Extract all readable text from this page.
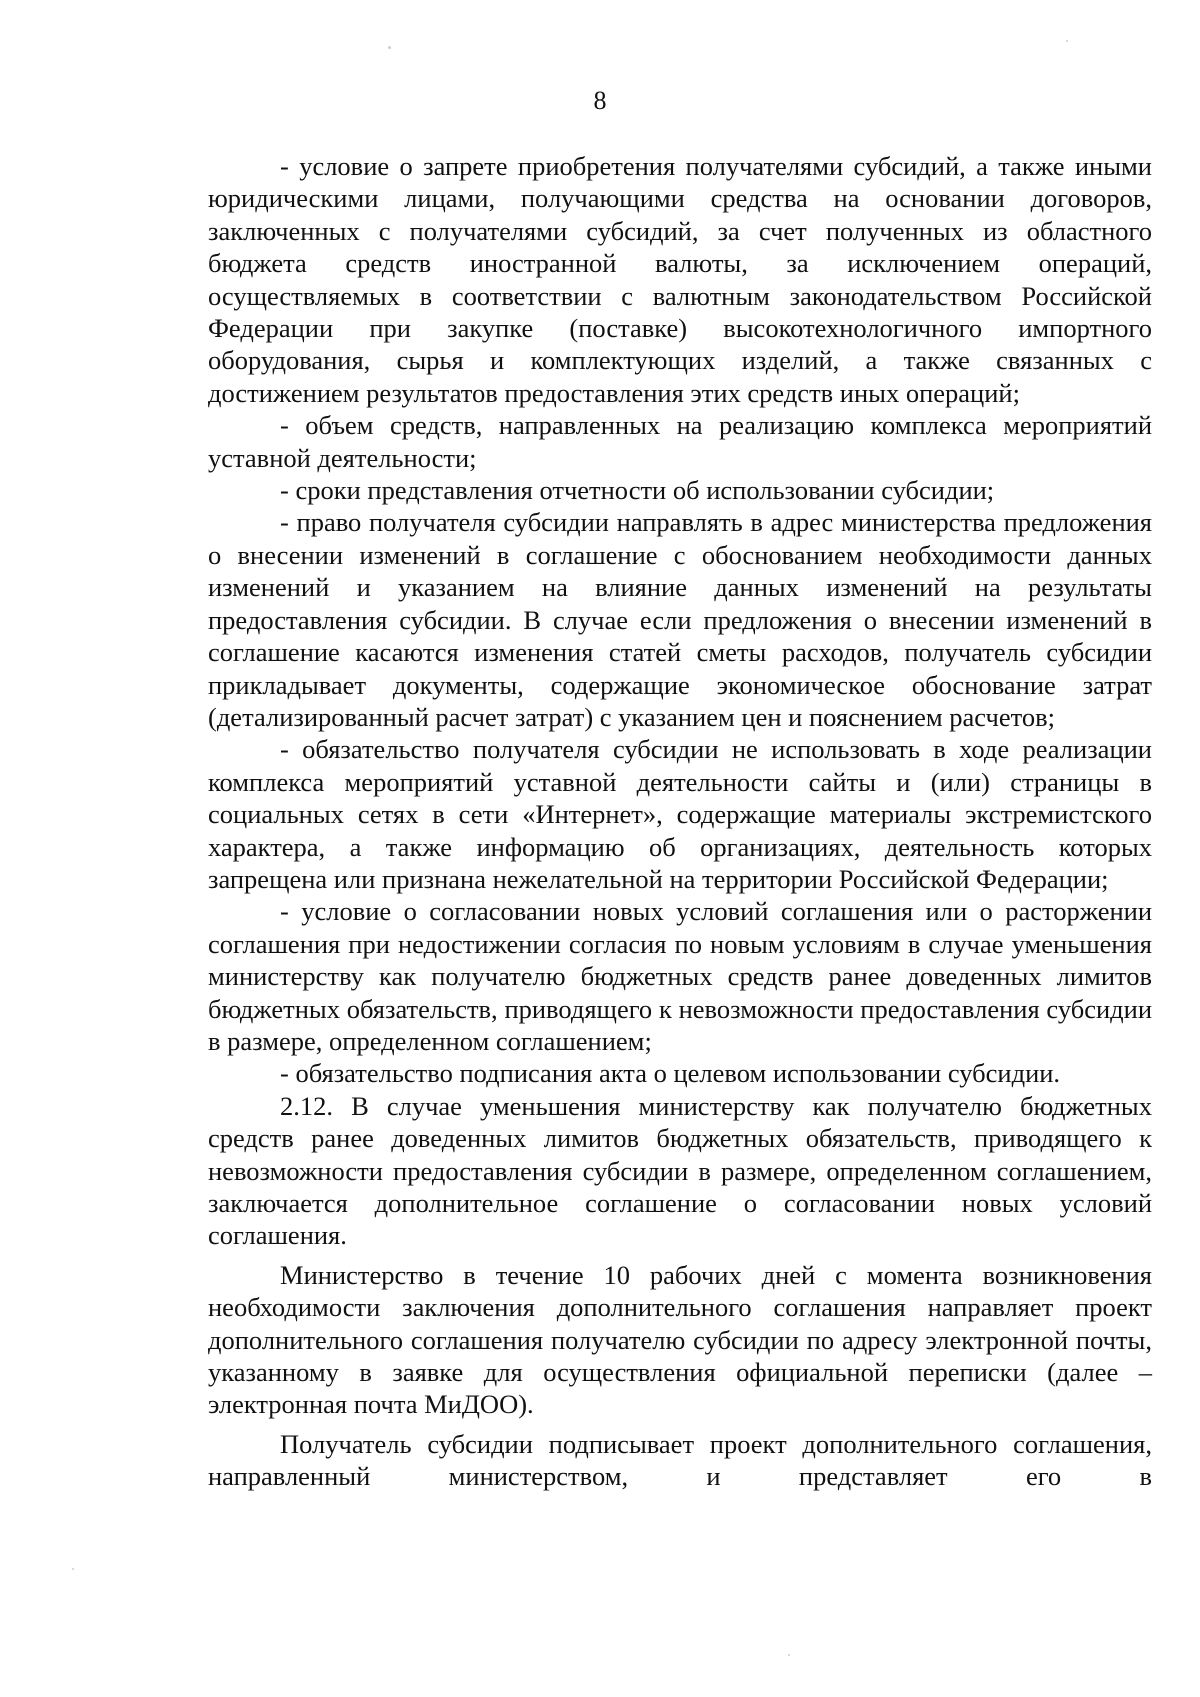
8

- условие о запрете приобретения получателями субсидий, а также иными юридическими лицами, получающими средства на основании договоров, заключенных с получателями субсидий, за счет полученных из областного бюджета средств иностранной валюты, за исключением операций, осуществляемых в соответствии с валютным законодательством Российской Федерации при закупке (поставке) высокотехнологичного импортного оборудования, сырья и комплектующих изделий, а также связанных с достижением результатов предоставления этих средств иных операций;

- объем средств, направленных на реализацию комплекса мероприятий уставной деятельности;

- сроки представления отчетности об использовании субсидии;

- право получателя субсидии направлять в адрес министерства предложения о внесении изменений в соглашение с обоснованием необходимости данных изменений и указанием на влияние данных изменений на результаты предоставления субсидии. В случае если предложения о внесении изменений в соглашение касаются изменения статей сметы расходов, получатель субсидии прикладывает документы, содержащие экономическое обоснование затрат (детализированный расчет затрат) с указанием цен и пояснением расчетов;

- обязательство получателя субсидии не использовать в ходе реализации комплекса мероприятий уставной деятельности сайты и (или) страницы в социальных сетях в сети «Интернет», содержащие материалы экстремистского характера, а также информацию об организациях, деятельность которых запрещена или признана нежелательной на территории Российской Федерации;

- условие о согласовании новых условий соглашения или о расторжении соглашения при недостижении согласия по новым условиям в случае уменьшения министерству как получателю бюджетных средств ранее доведенных лимитов бюджетных обязательств, приводящего к невозможности предоставления субсидии в размере, определенном соглашением;

- обязательство подписания акта о целевом использовании субсидии.

2.12. В случае уменьшения министерству как получателю бюджетных средств ранее доведенных лимитов бюджетных обязательств, приводящего к невозможности предоставления субсидии в размере, определенном соглашением, заключается дополнительное соглашение о согласовании новых условий соглашения.

Министерство в течение 10 рабочих дней с момента возникновения необходимости заключения дополнительного соглашения направляет проект дополнительного соглашения получателю субсидии по адресу электронной почты, указанному в заявке для осуществления официальной переписки (далее – электронная почта МиДОО).

Получатель субсидии подписывает проект дополнительного соглашения, направленный министерством, и представляет его в
